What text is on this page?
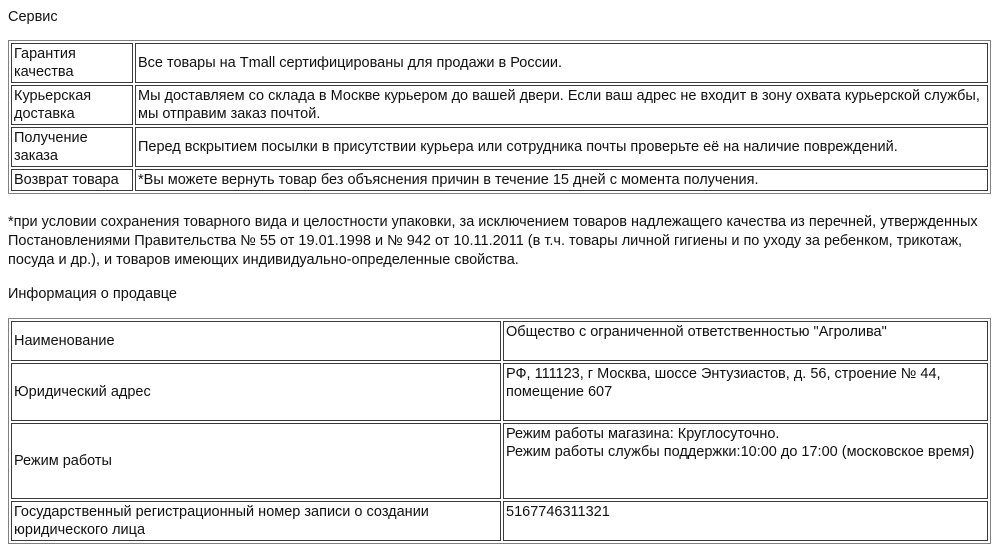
Сервис
Гарантия качества	Все товары на Tmall сертифицированы для продажи в России.
Курьерская доставка	Мы доставляем со склада в Москве курьером до вашей двери. Если ваш адрес не входит в зону охвата курьерской службы, мы отправим заказ почтой.
Получение заказа	Перед вскрытием посылки в присутствии курьера или сотрудника почты проверьте её на наличие повреждений.
Возврат товара	*Вы можете вернуть товар без объяснения причин в течение 15 дней с момента получения.

*при условии сохранения товарного вида и целостности упаковки, за исключением товаров надлежащего качества из перечней, утвержденных Постановлениями Правительства № 55 от 19.01.1998 и № 942 от 10.11.2011 (в т.ч. товары личной гигиены и по уходу за ребенком, трикотаж, посуда и др.), и товаров имеющих индивидуально-определенные свойства.

Информация о продавце
Наименование	Общество с ограниченной ответственностью "Агролива"
Юридический адрес	РФ, 111123, г Москва, шоссе Энтузиастов, д. 56, строение № 44, помещение 607
Режим работы	Режим работы магазина: Круглосуточно.
Режим работы службы поддержки:10:00 до 17:00 (московское время)
Государственный регистрационный номер записи о создании юридического лица	5167746311321
